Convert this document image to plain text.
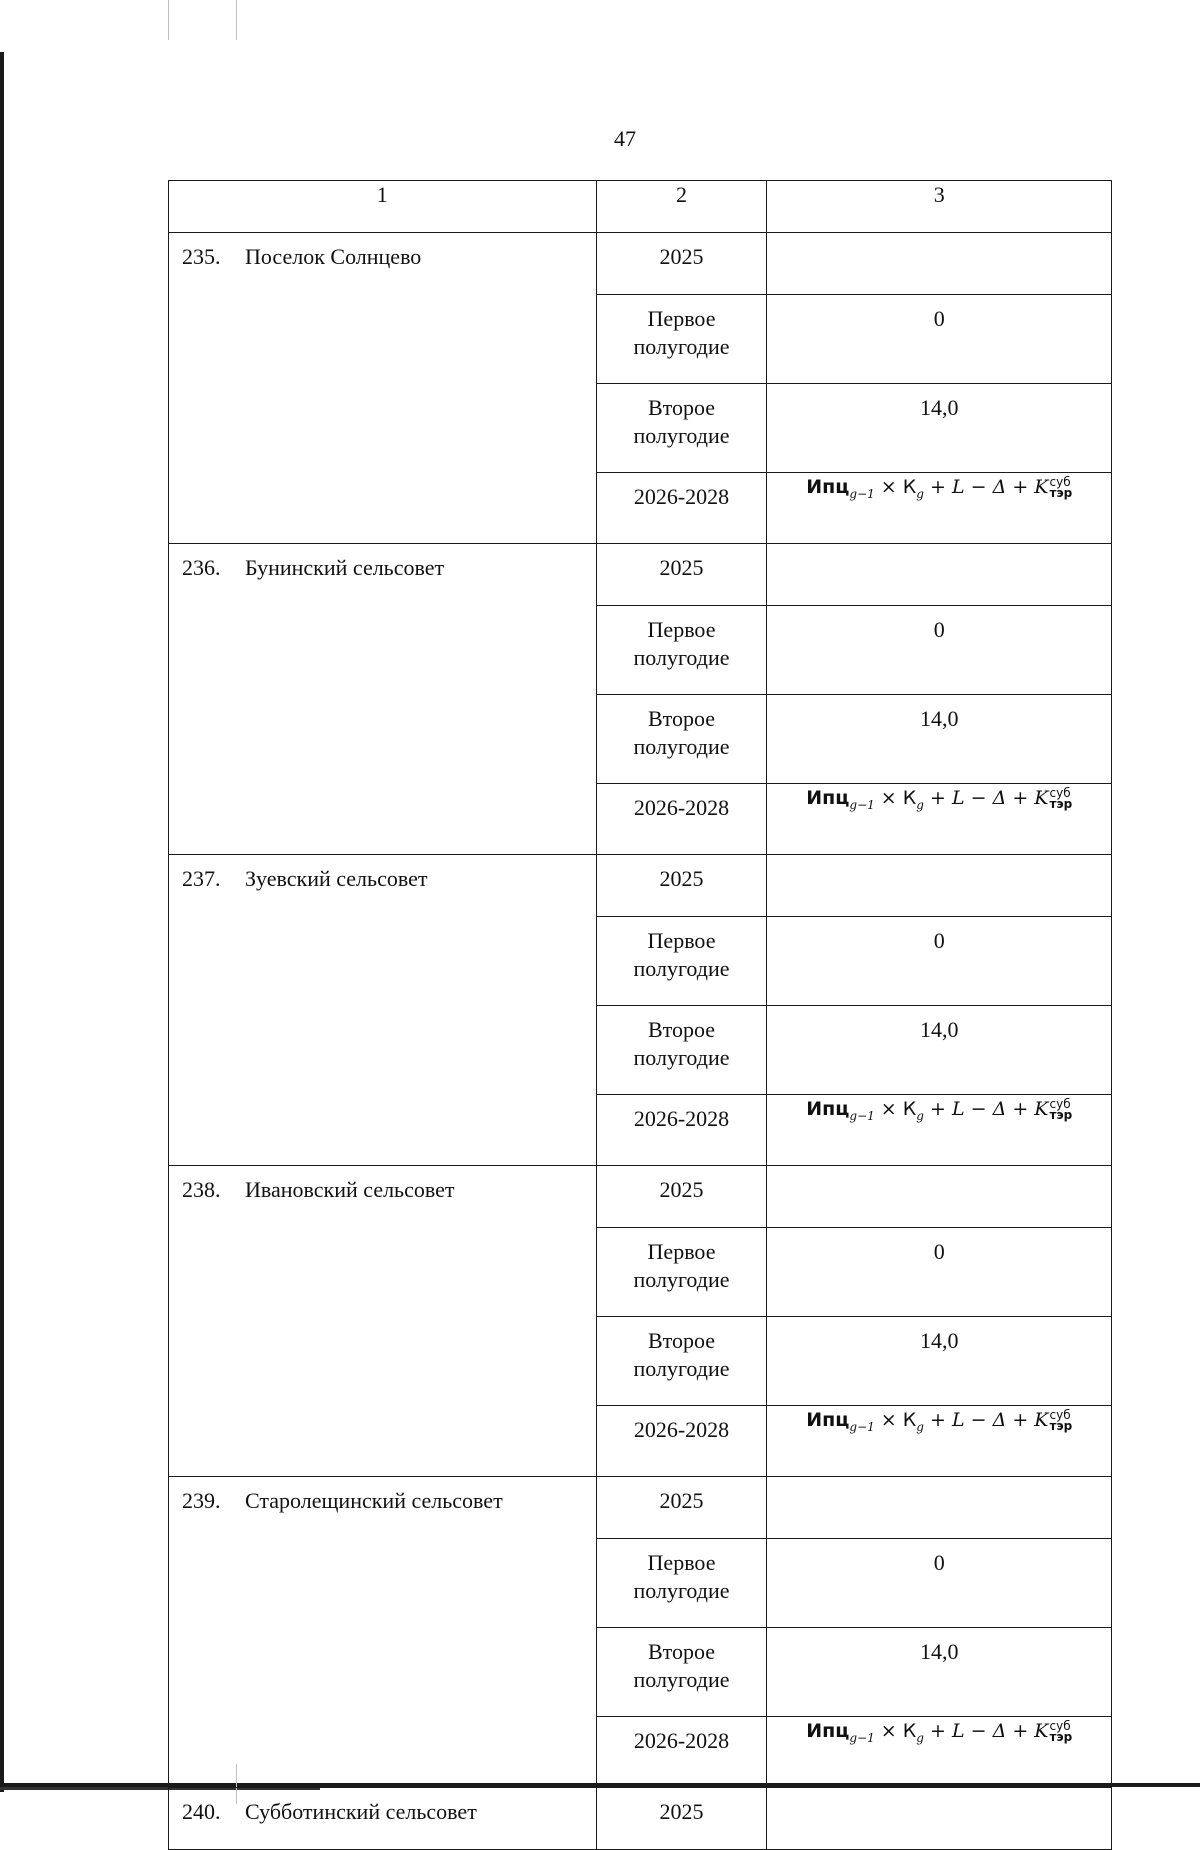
47
1	2	3
235. Поселок Солнцево	2025	
	Первое полугодие	0
	Второе полугодие	14,0
	2026-2028	$Ипц_{g-1} \times К_g + L - \Delta + K$ суб
тэр

236. Бунинский сельсовет	2025	
	Первое полугодие	0
	Второе полугодие	14,0
	2026-2028	$Ипц_{g-1} \times К_g + L - \Delta + K$ суб
тэр

237. Зуевский сельсовет	2025	
	Первое полугодие	0
	Второе полугодие	14,0
	2026-2028	$Ипц_{g-1} \times К_g + L - \Delta + K$ суб
тэр

238. Ивановский сельсовет	2025	
	Первое полугодие	0
	Второе полугодие	14,0
	2026-2028	$Ипц_{g-1} \times К_g + L - \Delta + K$ суб
тэр

239. Старолещинский сельсовет	2025	
	Первое полугодие	0
	Второе полугодие	14,0
	2026-2028	$Ипц_{g-1} \times К_g + L - \Delta + K$ суб
тэр

240. Субботинский сельсовет	2025	
